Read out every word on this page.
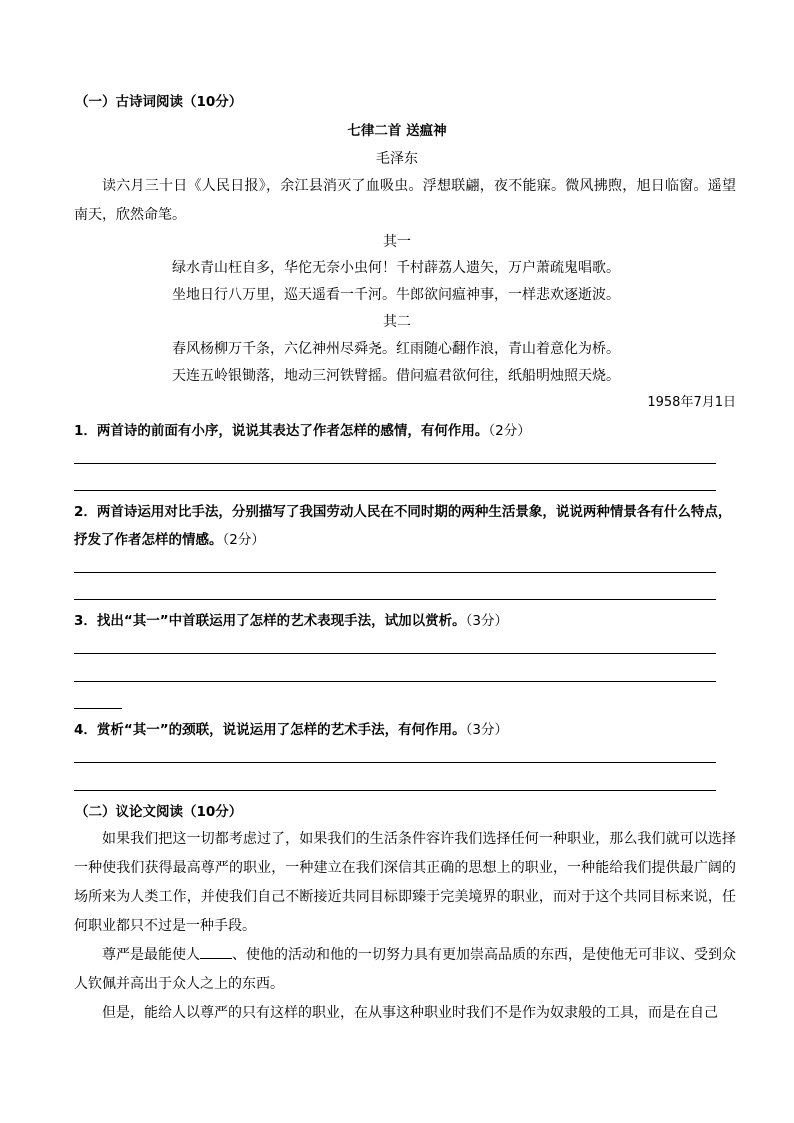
（一）古诗词阅读（10分）
七律二首 送瘟神
毛泽东

读六月三十日《人民日报》，余江县消灭了血吸虫。浮想联翩，夜不能寐。微风拂煦，旭日临窗。遥望南天，欣然命笔。

其一
绿水青山枉自多，华佗无奈小虫何！千村薜荔人遗矢，万户萧疏鬼唱歌。
坐地日行八万里，巡天遥看一千河。牛郎欲问瘟神事，一样悲欢逐逝波。
其二
春风杨柳万千条，六亿神州尽舜尧。红雨随心翻作浪，青山着意化为桥。
天连五岭银锄落，地动三河铁臂摇。借问瘟君欲何往，纸船明烛照天烧。
1958年7月1日
1．两首诗的前面有小序，说说其表达了作者怎样的感情，有何作用。（2分）
2．两首诗运用对比手法，分别描写了我国劳动人民在不同时期的两种生活景象，说说两种情景各有什么特点，抒发了作者怎样的情感。（2分）
3．找出“其一”中首联运用了怎样的艺术表现手法，试加以赏析。（3分）
4．赏析“其一”的颈联，说说运用了怎样的艺术手法，有何作用。（3分）
（二）议论文阅读（10分）

如果我们把这一切都考虑过了，如果我们的生活条件容许我们选择任何一种职业，那么我们就可以选择一种使我们获得最高尊严的职业，一种建立在我们深信其正确的思想上的职业，一种能给我们提供最广阔的场所来为人类工作，并使我们自己不断接近共同目标即臻于完美境界的职业，而对于这个共同目标来说，任何职业都只不过是一种手段。

尊严是最能使人 、使他的活动和他的一切努力具有更加崇高品质的东西，是使他无可非议、受到众人钦佩并高出于众人之上的东西。

但是，能给人以尊严的只有这样的职业，在从事这种职业时我们不是作为奴隶般的工具，而是在自己
